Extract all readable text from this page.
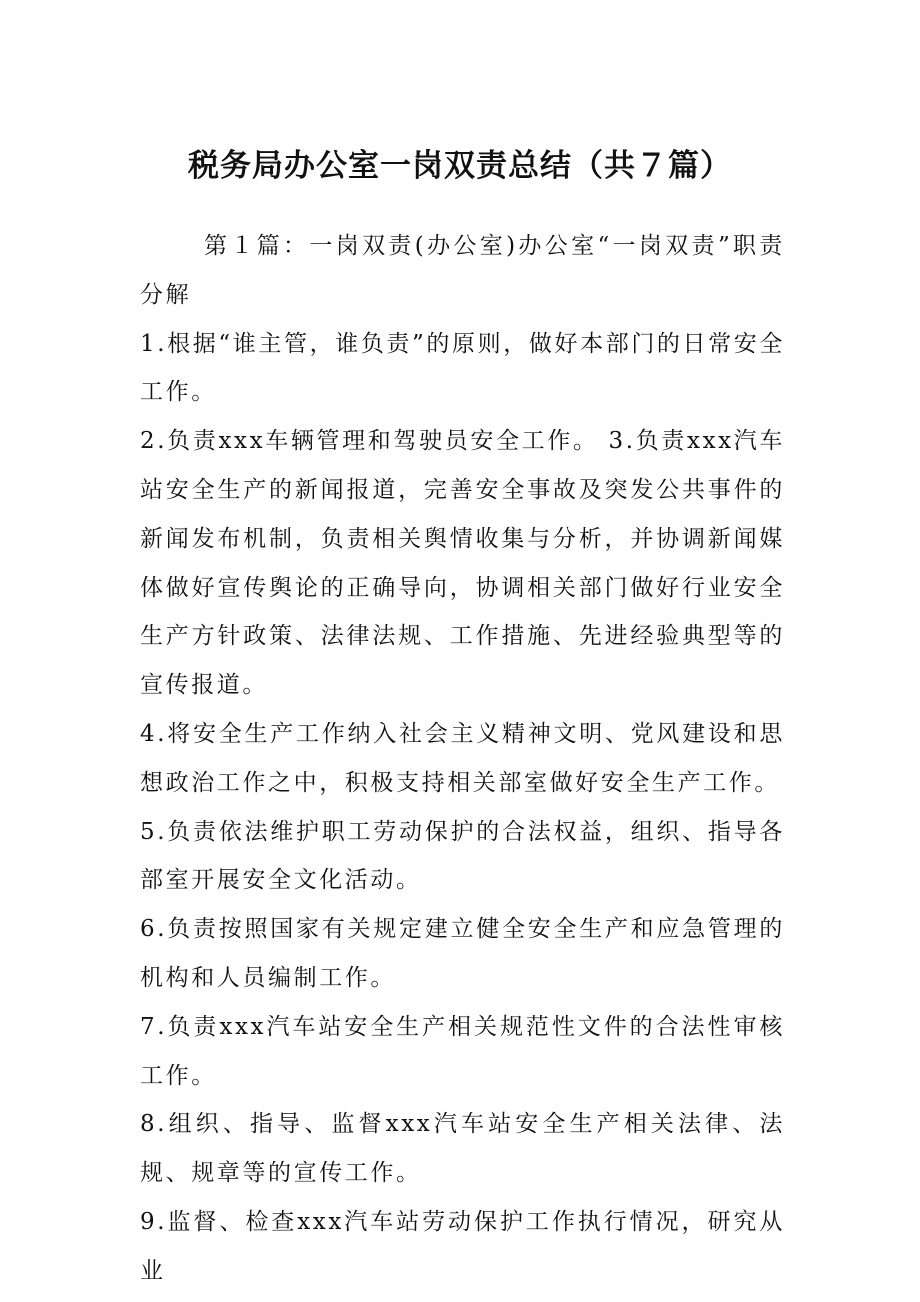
税务局办公室一岗双责总结（共７篇）

第１篇：一岗双责(办公室)办公室“一岗双责”职责分解

1.根据“谁主管，谁负责”的原则，做好本部门的日常安全工作。

2.负责xxx车辆管理和驾驶员安全工作。 3.负责xxx汽车站安全生产的新闻报道，完善安全事故及突发公共事件的新闻发布机制，负责相关舆情收集与分析，并协调新闻媒体做好宣传舆论的正确导向，协调相关部门做好行业安全生产方针政策、法律法规、工作措施、先进经验典型等的宣传报道。

4.将安全生产工作纳入社会主义精神文明、党风建设和思想政治工作之中，积极支持相关部室做好安全生产工作。

5.负责依法维护职工劳动保护的合法权益，组织、指导各部室开展安全文化活动。

6.负责按照国家有关规定建立健全安全生产和应急管理的机构和人员编制工作。

7.负责xxx汽车站安全生产相关规范性文件的合法性审核工作。

8.组织、指导、监督xxx汽车站安全生产相关法律、法规、规章等的宣传工作。

9.监督、检查xxx汽车站劳动保护工作执行情况，研究从业
